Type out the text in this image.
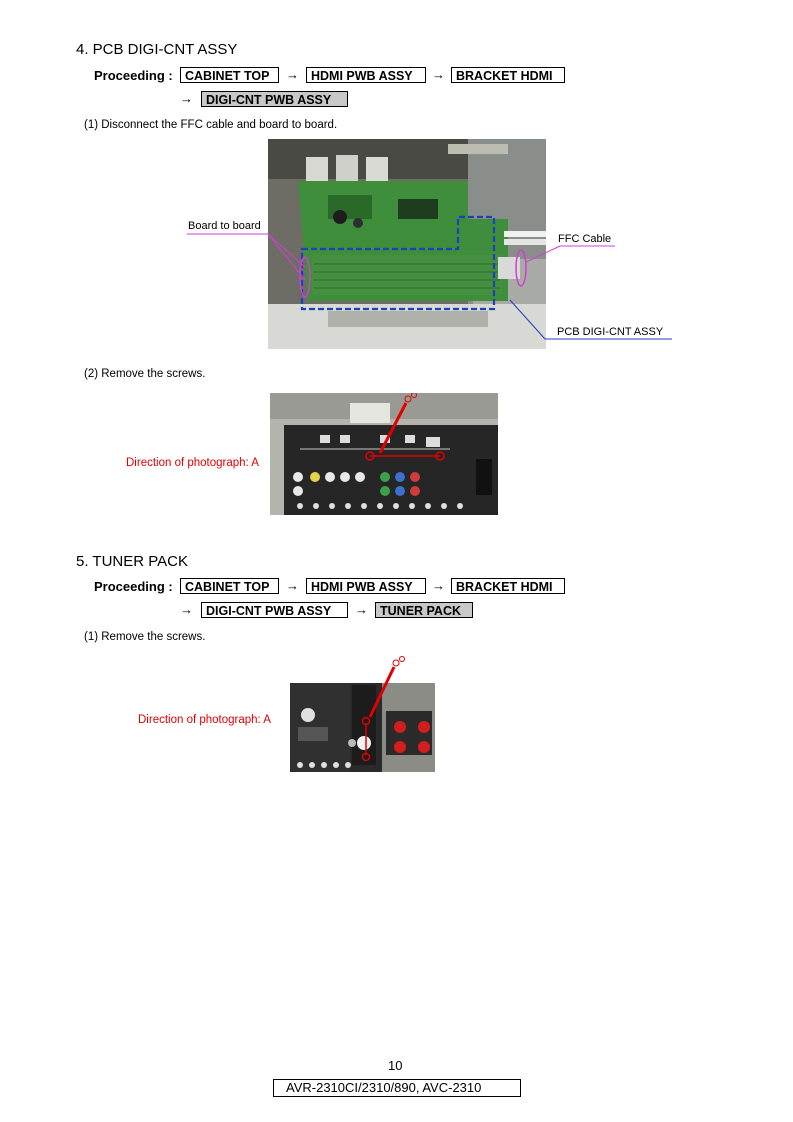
4. PCB DIGI-CNT ASSY
Proceeding : CABINET TOP	→ HDMI PWB ASSY	→ BRACKET HDMI
→	DIGI-CNT PWB ASSY
(1) Disconnect the FFC cable and board to board.
Board to board
FFC Cable
PCB DIGI-CNT ASSY
(2) Remove the screws.
Direction of photograph: A
5. TUNER PACK
Proceeding : CABINET TOP	→ HDMI PWB ASSY	→ BRACKET HDMI
→	DIGI-CNT PWB ASSY	→ TUNER PACK
(1) Remove the screws.
Direction of photograph: A
10
AVR-2310CI/2310/890, AVC-2310
